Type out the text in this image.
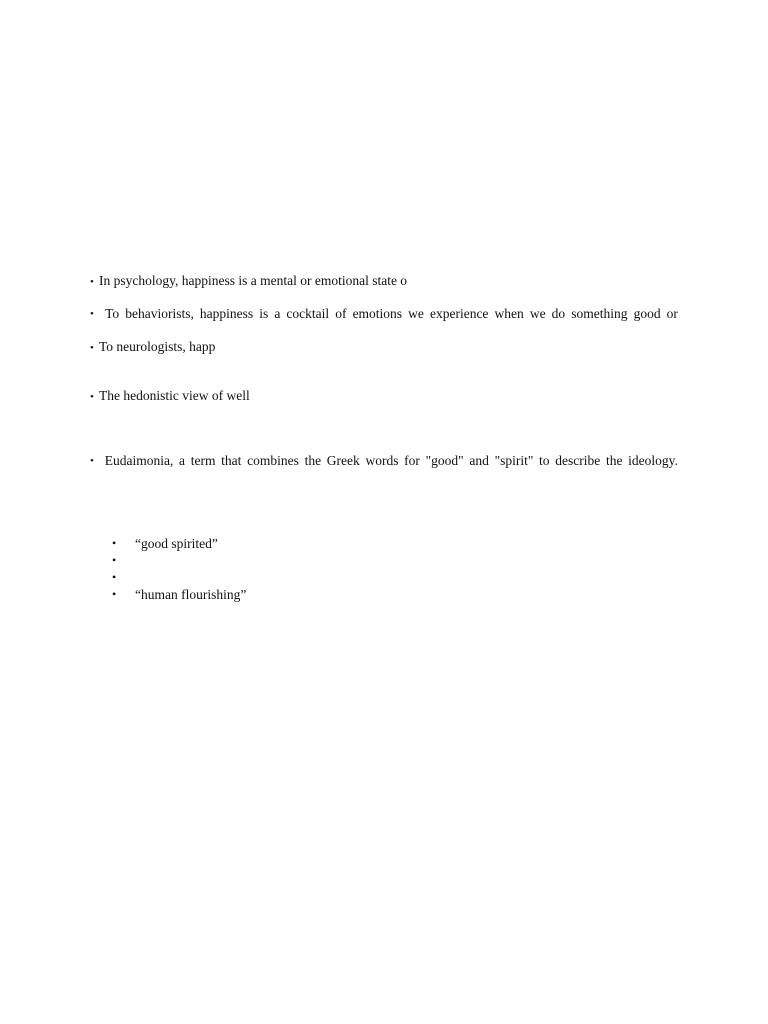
• In psychology, happiness is a mental or emotional state o
• To behaviorists, happiness is a cocktail of emotions we experience when we do something good or
• To neurologists, happ
• The hedonistic view of well
• Eudaimonia, a term that combines the Greek words for "good" and "spirit" to describe the ideology.
• “good spirited”
•
•
• “human flourishing”
